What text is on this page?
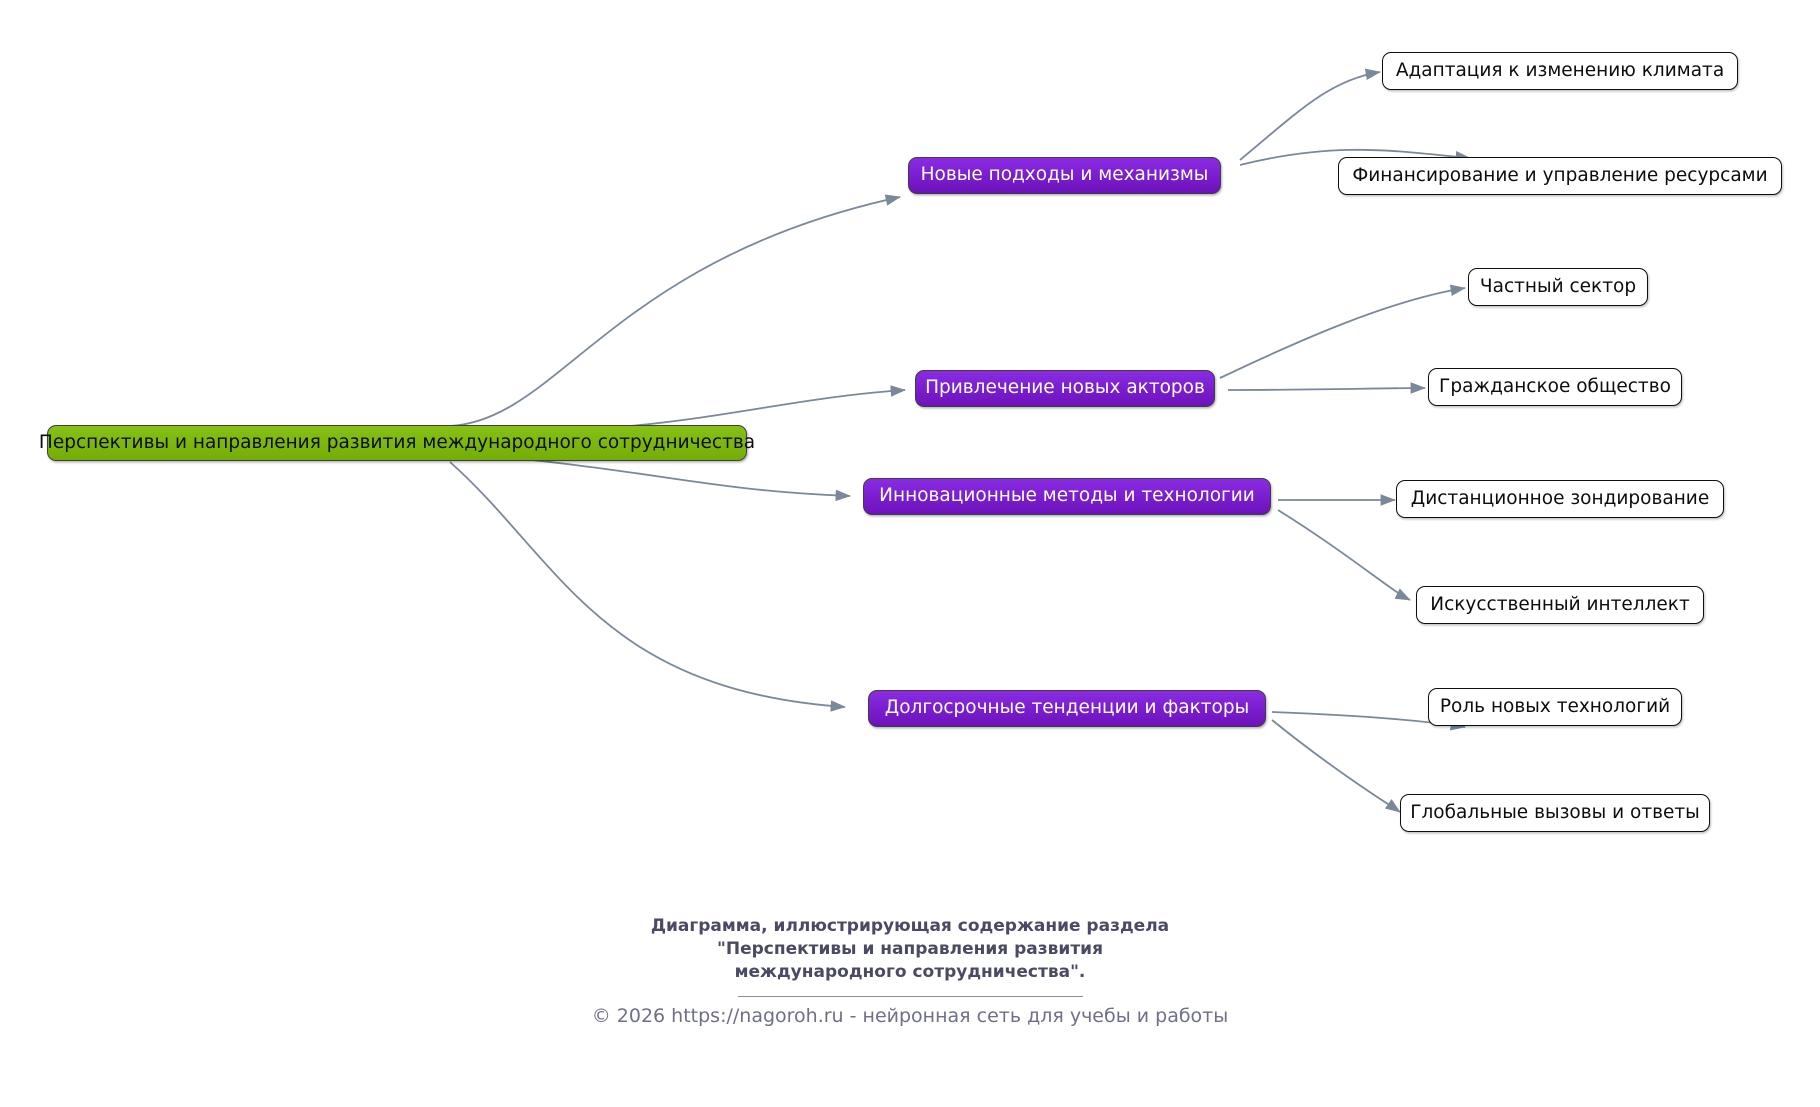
Перспективы и направления развития международного сотрудничества
Новые подходы и механизмы
Адаптация к изменению климата
Финансирование и управление ресурсами
Привлечение новых акторов
Частный сектор
Гражданское общество
Инновационные методы и технологии	Дистанционное зондирование
Искусственный интеллект
Долгосрочные тенденции и факторы	Роль новых технологий
Глобальные вызовы и ответы
Диаграмма, иллюстрирующая содержание раздела
"Перспективы и направления развития
международного сотрудничества".
© 2026 https://nagoroh.ru - нейронная сеть для учебы и работы
